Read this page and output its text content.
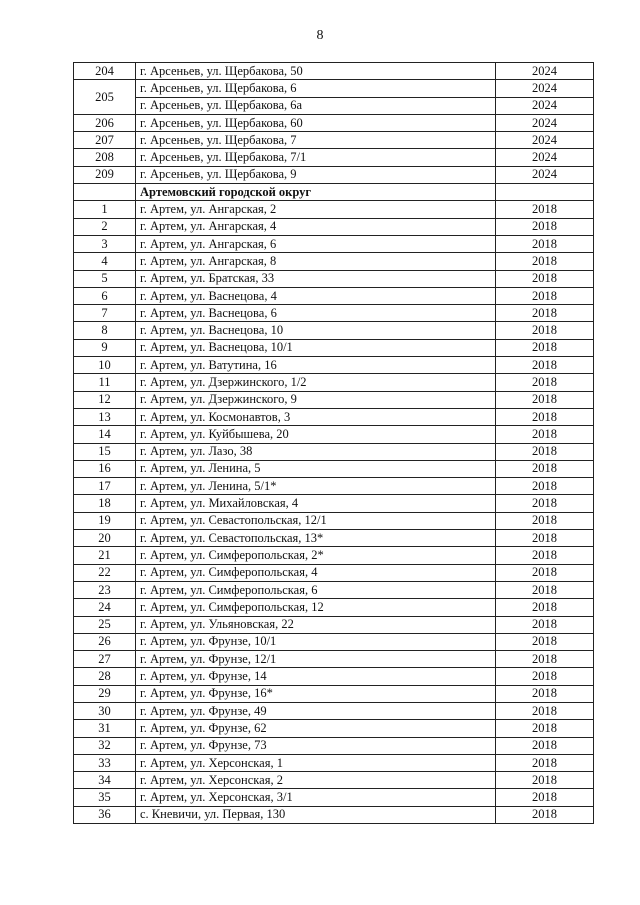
8
204	г. Арсеньев, ул. Щербакова, 50	2024
205	г. Арсеньев, ул. Щербакова, 6	2024
	г. Арсеньев, ул. Щербакова, 6а	2024
206	г. Арсеньев, ул. Щербакова, 60	2024
207	г. Арсеньев, ул. Щербакова, 7	2024
208	г. Арсеньев, ул. Щербакова, 7/1	2024
209	г. Арсеньев, ул. Щербакова, 9	2024
	Артемовский городской округ	
1	г. Артем, ул. Ангарская, 2	2018
2	г. Артем, ул. Ангарская, 4	2018
3	г. Артем, ул. Ангарская, 6	2018
4	г. Артем, ул. Ангарская, 8	2018
5	г. Артем, ул. Братская, 33	2018
6	г. Артем, ул. Васнецова, 4	2018
7	г. Артем, ул. Васнецова, 6	2018
8	г. Артем, ул. Васнецова, 10	2018
9	г. Артем, ул. Васнецова, 10/1	2018
10	г. Артем, ул. Ватутина, 16	2018
11	г. Артем, ул. Дзержинского, 1/2	2018
12	г. Артем, ул. Дзержинского, 9	2018
13	г. Артем, ул. Космонавтов, 3	2018
14	г. Артем, ул. Куйбышева, 20	2018
15	г. Артем, ул. Лазо, 38	2018
16	г. Артем, ул. Ленина, 5	2018
17	г. Артем, ул. Ленина, 5/1*	2018
18	г. Артем, ул. Михайловская, 4	2018
19	г. Артем, ул. Севастопольская, 12/1	2018
20	г. Артем, ул. Севастопольская, 13*	2018
21	г. Артем, ул. Симферопольская, 2*	2018
22	г. Артем, ул. Симферопольская, 4	2018
23	г. Артем, ул. Симферопольская, 6	2018
24	г. Артем, ул. Симферопольская, 12	2018
25	г. Артем, ул. Ульяновская, 22	2018
26	г. Артем, ул. Фрунзе, 10/1	2018
27	г. Артем, ул. Фрунзе, 12/1	2018
28	г. Артем, ул. Фрунзе, 14	2018
29	г. Артем, ул. Фрунзе, 16*	2018
30	г. Артем, ул. Фрунзе, 49	2018
31	г. Артем, ул. Фрунзе, 62	2018
32	г. Артем, ул. Фрунзе, 73	2018
33	г. Артем, ул. Херсонская, 1	2018
34	г. Артем, ул. Херсонская, 2	2018
35	г. Артем, ул. Херсонская, 3/1	2018
36	с. Кневичи, ул. Первая, 130	2018
